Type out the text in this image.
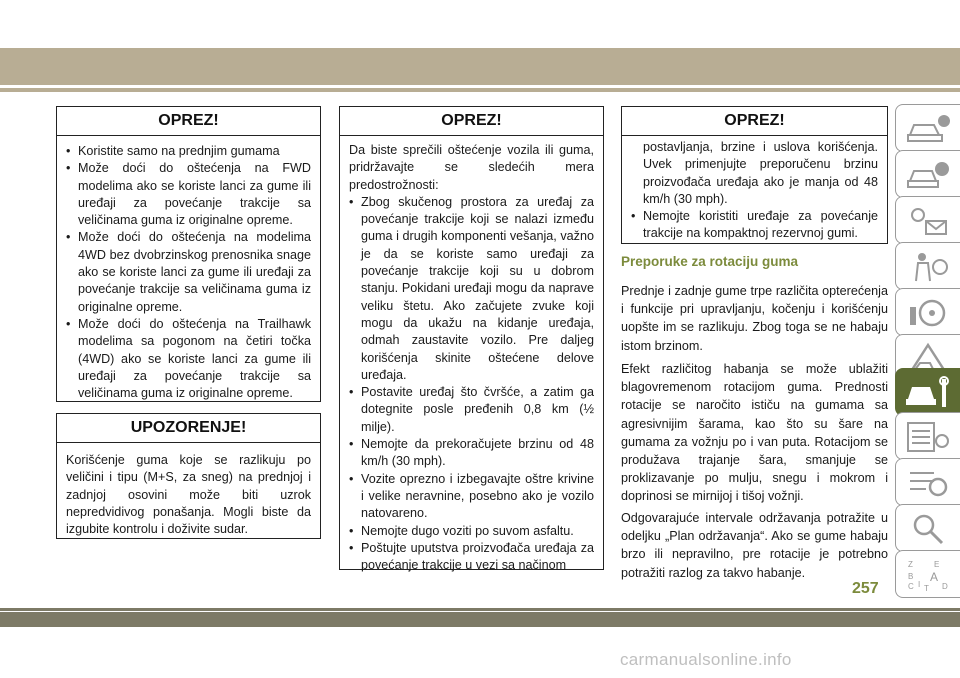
OPREZ!
• Koristite samo na prednjim gumama
• Može doći do oštećenja na FWD modelima ako se koriste lanci za gume ili uređaji za povećanje trakcije sa veličinama guma iz originalne opreme.
• Može doći do oštećenja na modelima 4WD bez dvobrzinskog prenosnika snage ako se koriste lanci za gume ili uređaji za povećanje trakcije sa veličinama guma iz originalne opreme.
• Može doći do oštećenja na Trailhawk modelima sa pogonom na četiri točka (4WD) ako se koriste lanci za gume ili uređaji za povećanje trakcije sa veličinama guma iz originalne opreme.
UPOZORENJE!

Korišćenje guma koje se razlikuju po veličini i tipu (M+S, za sneg) na prednjoj i zadnjoj osovini može biti uzrok nepredvidivog ponašanja. Mogli biste da izgubite kontrolu i doživite sudar.

OPREZ!

Da biste sprečili oštećenje vozila ili guma, pridržavajte se sledećih mera predostrožnosti:

• Zbog skučenog prostora za uređaj za povećanje trakcije koji se nalazi između guma i drugih komponenti vešanja, važno je da se koriste samo uređaji za povećanje trakcije koji su u dobrom stanju. Pokidani uređaji mogu da naprave veliku štetu. Ako začujete zvuke koji mogu da ukažu na kidanje uređaja, odmah zaustavite vozilo. Pre daljeg korišćenja skinite oštećene delove uređaja.
• Postavite uređaj što čvršće, a zatim ga dotegnite posle pređenih 0,8 km (½ milje).
• Nemojte da prekoračujete brzinu od 48 km/h (30 mph).
• Vozite oprezno i izbegavajte oštre krivine i velike neravnine, posebno ako je vozilo natovareno.
• Nemojte dugo voziti po suvom asfaltu.
• Poštujte uputstva proizvođača uređaja za povećanje trakcije u vezi sa načinom
OPREZ!

postavljanja, brzine i uslova korišćenja. Uvek primenjujte preporučenu brzinu proizvođača uređaja ako je manja od 48 km/h (30 mph).

• Nemojte koristiti uređaje za povećanje trakcije na kompaktnoj rezervnoj gumi.
Preporuke za rotaciju guma

Prednje i zadnje gume trpe različita opterećenja i funkcije pri upravljanju, kočenju i korišćenju uopšte im se razlikuju. Zbog toga se ne habaju istom brzinom.

Efekt različitog habanja se može ublažiti blagovremenom rotacijom guma. Prednosti rotacije se naročito ističu na gumama sa agresivnijim šarama, kao što su šare na gumama za vožnju po i van puta. Rotacijom se produžava trajanje šara, smanjuje se proklizavanje po mulju, snegu i mokrom i doprinosi se mirnijoj i tišoj vožnji.

Odgovarajuće intervale održavanja potražite u odeljku „Plan održavanja“. Ako se gume habaju brzo ili nepravilno, pre rotacije je potrebno potražiti razlog za takvo habanje.

257
Z	E
B A
C	D
I T
carmanualsonline.info
